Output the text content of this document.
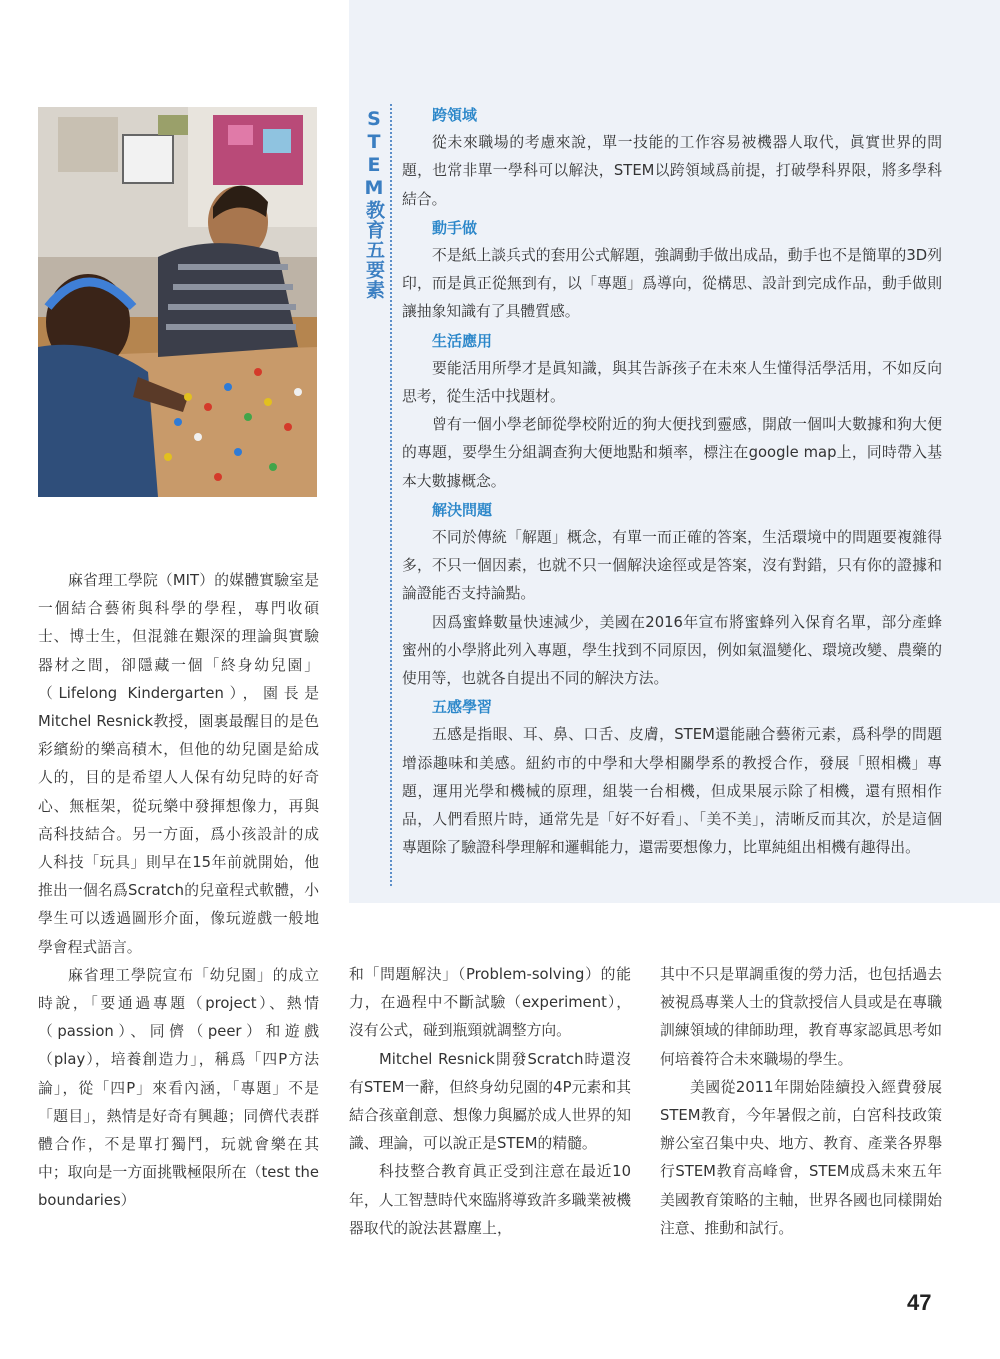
STEM教育五要素	跨領域

從未來職場的考慮來說，單一技能的工作容易被機器人取代，眞實世界的問題，也常非單一學科可以解決，STEM以跨領域爲前提，打破學科界限，將多學科結合。

動手做

不是紙上談兵式的套用公式解題，強調動手做出成品，動手也不是簡單的3D列印，而是眞正從無到有，以「專題」爲導向，從構思、設計到完成作品，動手做則讓抽象知識有了具體質感。

生活應用

要能活用所學才是眞知識，與其告訴孩子在未來人生懂得活學活用，不如反向思考，從生活中找題材。

曾有一個小學老師從學校附近的狗大便找到靈感，開啟一個叫大數據和狗大便的專題，要學生分組調查狗大便地點和頻率，標注在google map上，同時帶入基本大數據概念。

解決問題

不同於傳統「解題」概念，有單一而正確的答案，生活環境中的問題要複雜得多，不只一個因素，也就不只一個解決途徑或是答案，沒有對錯，只有你的證據和論證能否支持論點。

因爲蜜蜂數量快速減少，美國在2016年宣布將蜜蜂列入保育名單，部分產蜂蜜州的小學將此列入專題，學生找到不同原因，例如氣溫變化、環境改變、農藥的使用等，也就各自提出不同的解決方法。

五感學習

五感是指眼、耳、鼻、口舌、皮膚，STEM還能融合藝術元素，爲科學的問題增添趣味和美感。紐約市的中學和大學相關學系的教授合作，發展「照相機」專題，運用光學和機械的原理，組裝一台相機，但成果展示除了相機，還有照相作品，人們看照片時，通常先是「好不好看」、「美不美」，淸晰反而其次，於是這個專題除了驗證科學理解和邏輯能力，還需要想像力，比單純組出相機有趣得出。

麻省理工學院（MIT）的媒體實驗室是一個結合藝術與科學的學程，專門收碩士、博士生，但混雜在艱深的理論與實驗器材之間，卻隱藏一個「終身幼兒園」（Lifelong Kindergarten），園長是Mitchel Resnick教授，園裏最醒目的是色彩繽紛的樂高積木，但他的幼兒園是給成人的，目的是希望人人保有幼兒時的好奇心、無框架，從玩樂中發揮想像力，再與高科技結合。另一方面，爲小孩設計的成人科技「玩具」則早在15年前就開始，他推出一個名爲Scratch的兒童程式軟體，小學生可以透過圖形介面，像玩遊戲一般地學會程式語言。

麻省理工學院宣布「幼兒園」的成立時說，「要通過專題（project）、熱情（passion）、同儕（peer）和遊戲（play），培養創造力」，稱爲「四P方法論」，從「四P」來看內涵，「專題」不是「題目」，熱情是好奇有興趣；同儕代表群體合作，不是單打獨鬥，玩就會樂在其中；取向是一方面挑戰極限所在（test the boundaries）

和「問題解決」（Problem-solving）的能力，在過程中不斷試驗（experiment），沒有公式，碰到瓶頸就調整方向。

Mitchel Resnick開發Scratch時還沒有STEM一辭，但終身幼兒園的4P元素和其結合孩童創意、想像力與屬於成人世界的知識、理論，可以說正是STEM的精髓。

科技整合教育眞正受到注意在最近10年，人工智慧時代來臨將導致許多職業被機器取代的說法甚囂塵上，

其中不只是單調重復的勞力活，也包括過去被視爲專業人士的貸款授信人員或是在專職訓練領域的律師助理，教育專家認眞思考如何培養符合未來職場的學生。

美國從2011年開始陸續投入經費發展STEM教育，今年暑假之前，白宮科技政策辦公室召集中央、地方、教育、產業各界舉行STEM教育高峰會，STEM成爲未來五年美國教育策略的主軸，世界各國也同樣開始注意、推動和試行。

47
